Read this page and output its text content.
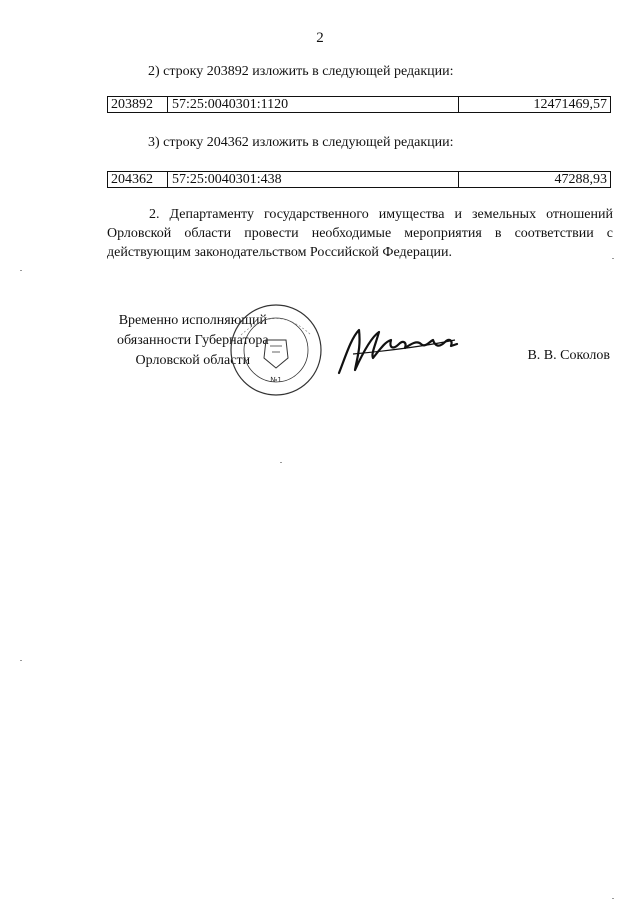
2
2) строку 203892 изложить в следующей редакции:
203892	57:25:0040301:1120	12471469,57
3) строку 204362 изложить в следующей редакции:
204362	57:25:0040301:438	47288,93
2. Департаменту государственного имущества и земельных отношений Орловской области провести необходимые мероприятия в соответствии с действующим законодательством Российской Федерации.
Временно исполняющий
обязанности Губернатора
Орловской области
№1
В. В. Соколов
